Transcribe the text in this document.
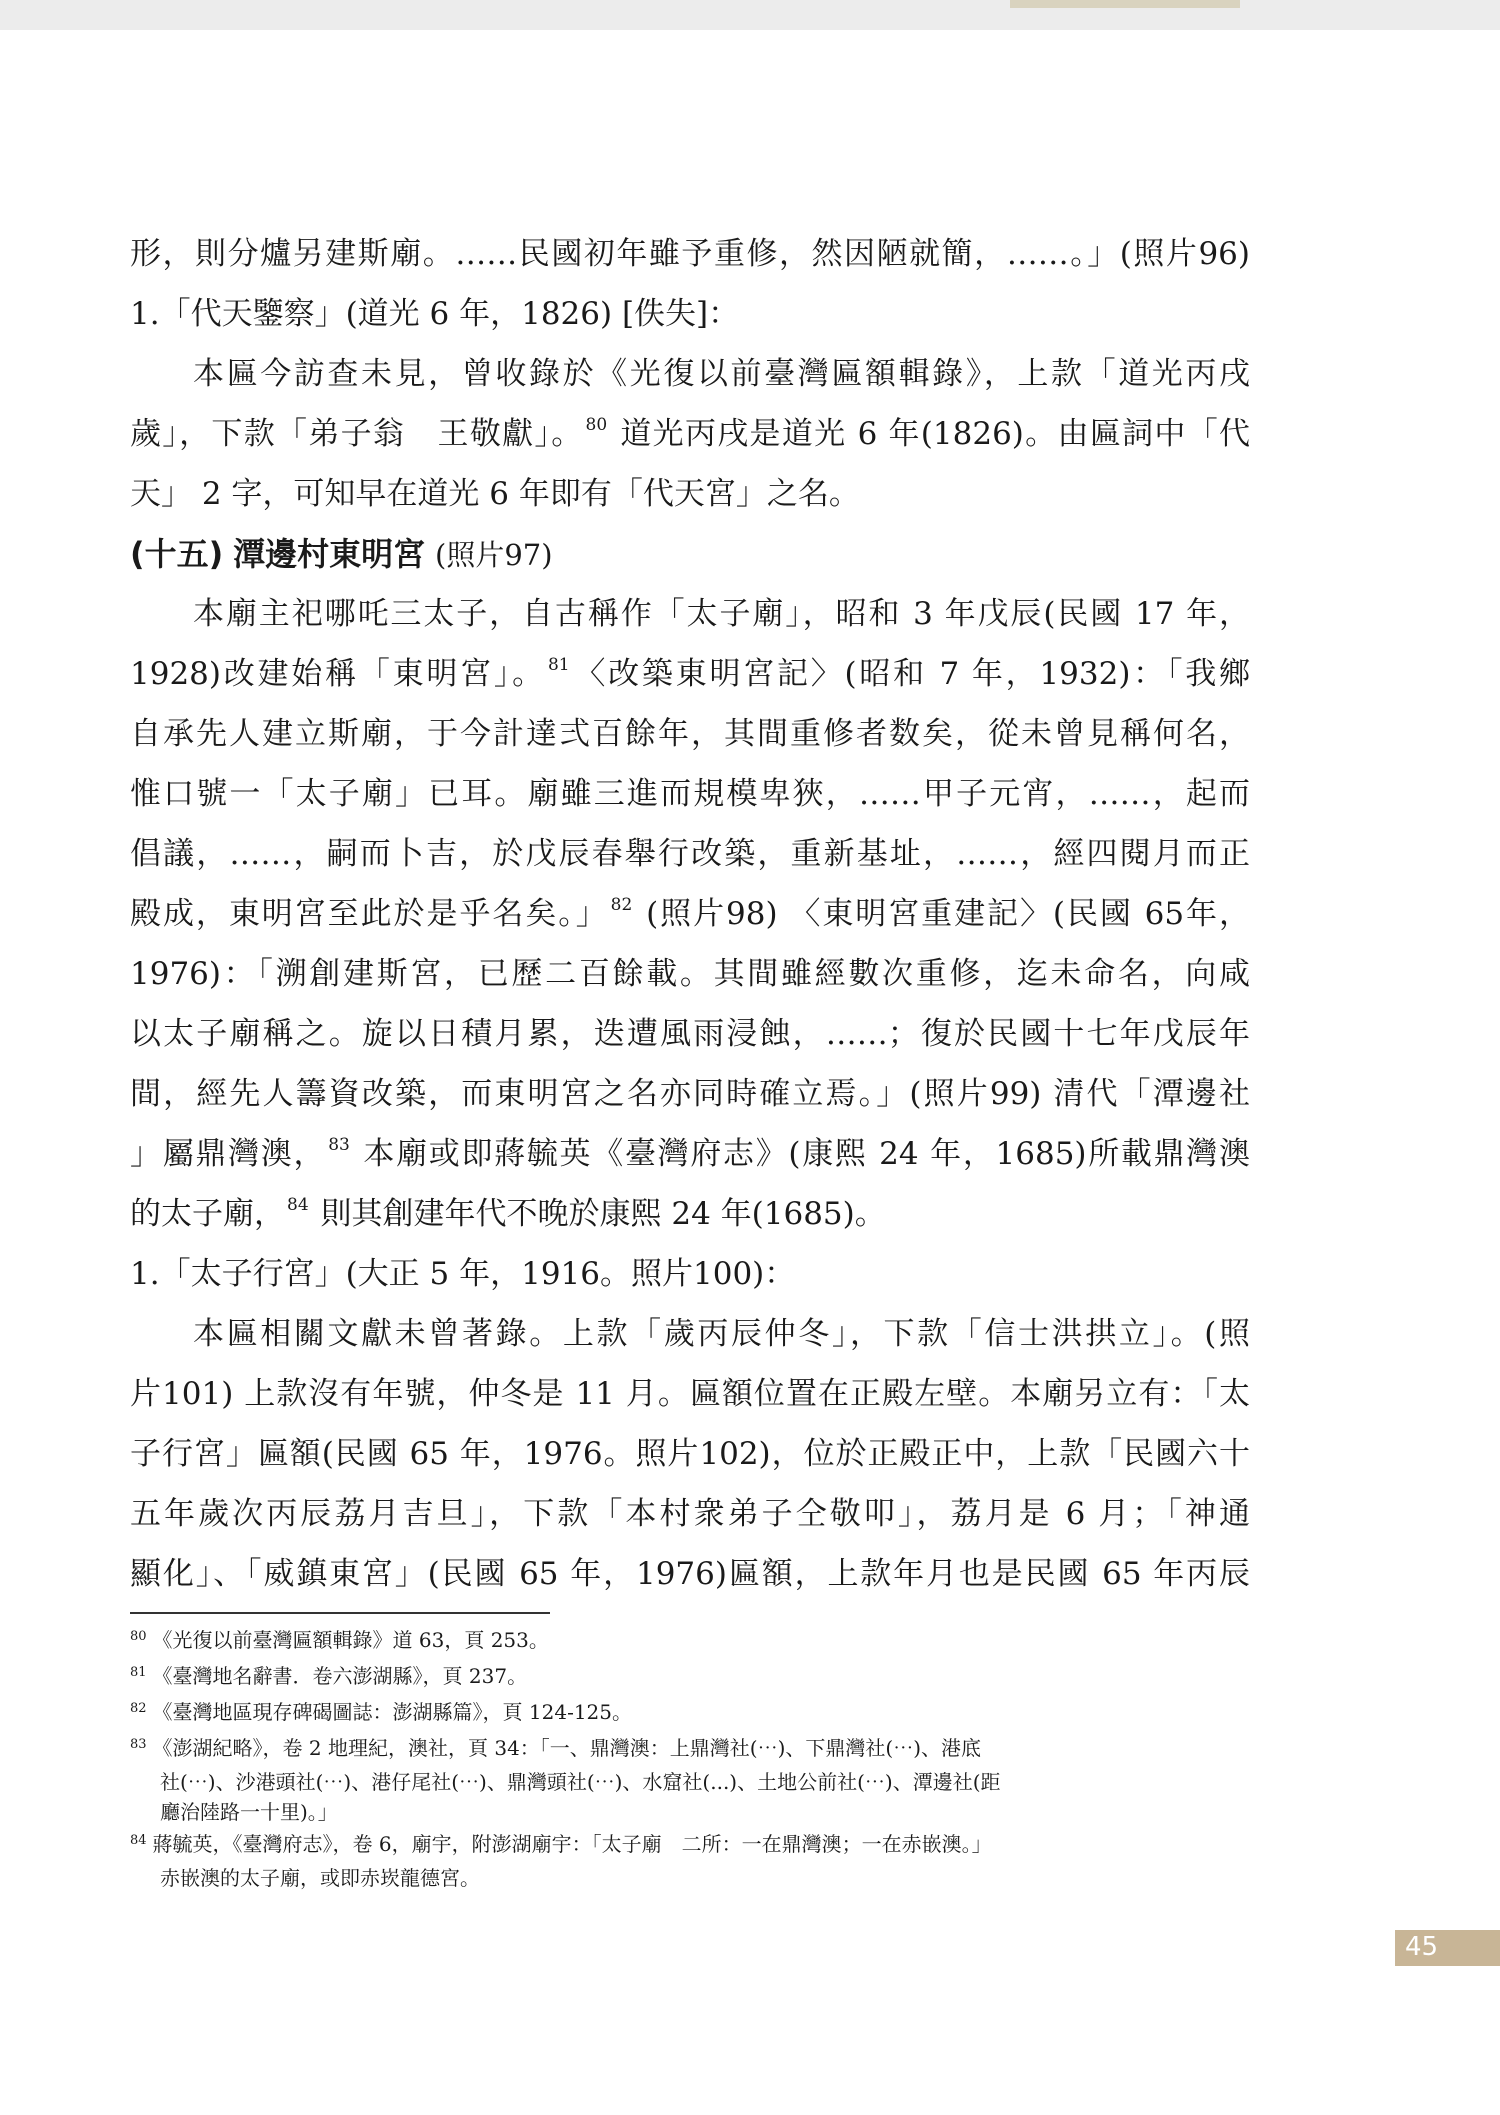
形，則分爐另建斯廟。……民國初年雖予重修，然因陋就簡，……。」(照片96)
1.「代天鑒察」(道光 6 年，1826) [佚失]：
本匾今訪查未見，曾收錄於《光復以前臺灣匾額輯錄》，上款「道光丙戌
歲」，下款「弟子翁　王敬獻」。 $^{80}$ 道光丙戌是道光 6 年(1826)。由匾詞中「代
天」 2 字，可知早在道光 6 年即有「代天宮」之名。
(十五) 潭邊村東明宮 (照片97)
本廟主祀哪吒三太子，自古稱作「太子廟」，昭和 3 年戊辰(民國 17 年，
1928)改建始稱「東明宮」。 $^{81}$〈改築東明宮記〉(昭和 7 年，1932)：「我鄉
自承先人建立斯廟，于今計達弍百餘年，其間重修者数矣，從未曾見稱何名，
惟口號一「太子廟」已耳。廟雖三進而規模卑狹，……甲子元宵，……，起而
倡議，……，嗣而卜吉，於戊辰春舉行改築，重新基址，……，經四閱月而正
殿成，東明宮至此於是乎名矣。」 $^{82}$ (照片98) 〈東明宮重建記〉(民國 65年，
1976)：「溯創建斯宮，已歷二百餘載。其間雖經數次重修，迄未命名，向咸
以太子廟稱之。旋以日積月累，迭遭風雨浸蝕，……；復於民國十七年戊辰年
間，經先人籌資改築，而東明宮之名亦同時確立焉。」(照片99) 清代「潭邊社
」屬鼎灣澳， $^{83}$ 本廟或即蔣毓英《臺灣府志》(康熙 24 年，1685)所載鼎灣澳
的太子廟， $^{84}$ 則其創建年代不晚於康熙 24 年(1685)。
1.「太子行宮」(大正 5 年，1916。照片100)：
本匾相關文獻未曾著錄。上款「歲丙辰仲冬」，下款「信士洪拱立」。(照
片101) 上款沒有年號，仲冬是 11 月。匾額位置在正殿左壁。本廟另立有：「太
子行宮」匾額(民國 65 年，1976。照片102)，位於正殿正中，上款「民國六十
五年歲次丙辰荔月吉旦」，下款「本村衆弟子仝敬叩」，荔月是 6 月；「神通
顯化」、「威鎮東宮」(民國 65 年，1976)匾額，上款年月也是民國 65 年丙辰
$^{80}$ 《光復以前臺灣匾額輯錄》道 63，頁 253。
$^{81}$ 《臺灣地名辭書．卷六澎湖縣》，頁 237。
$^{82}$ 《臺灣地區現存碑碣圖誌：澎湖縣篇》，頁 124-125。
$^{83}$ 《澎湖紀略》，卷 2 地理紀，澳社，頁 34：「一、鼎灣澳：上鼎灣社(⋯)、下鼎灣社(⋯)、港底
社(⋯)、沙港頭社(⋯)、港仔尾社(⋯)、鼎灣頭社(⋯)、水窟社(...)、土地公前社(⋯)、潭邊社(距
廳治陸路一十里)。」
$^{84}$ 蔣毓英，《臺灣府志》，卷 6，廟宇，附澎湖廟宇：「太子廟　二所：一在鼎灣澳；一在赤嵌澳。」
赤嵌澳的太子廟，或即赤崁龍德宮。
45
